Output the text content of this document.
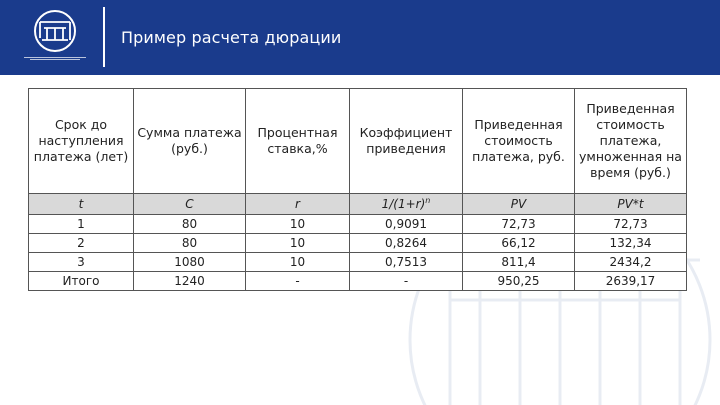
Пример расчета дюрации
Срок до наступления платежа (лет)	Сумма платежа (руб.)	Процентная ставка,%	Коэффициент приведения	Приведенная стоимость платежа, руб.	Приведенная стоимость платежа, умноженная на время (руб.)
t	C	r	$1/(1+r)^n$	PV	PV*t
1	80	10	0,9091	72,73	72,73
2	80	10	0,8264	66,12	132,34
3	1080	10	0,7513	811,4	2434,2
Итого	1240	-	-	950,25	2639,17
